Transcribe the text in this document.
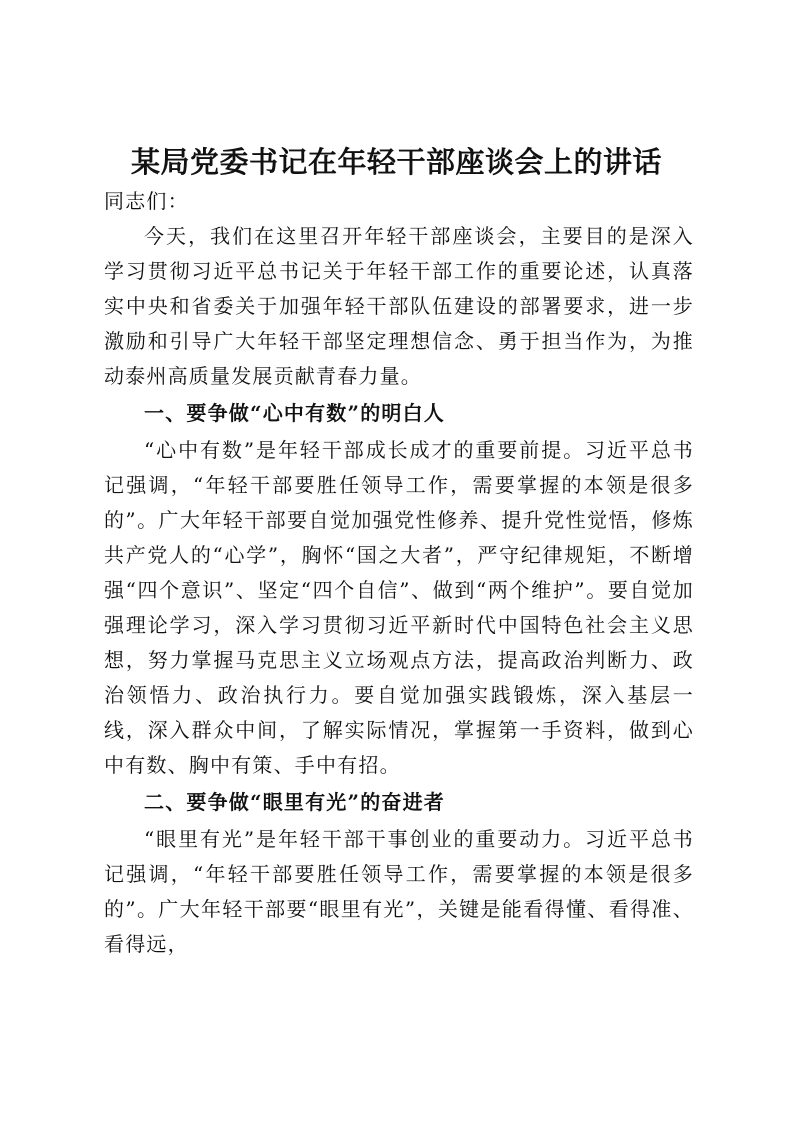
某局党委书记在年轻干部座谈会上的讲话

同志们：

今天，我们在这里召开年轻干部座谈会，主要目的是深入学习贯彻习近平总书记关于年轻干部工作的重要论述，认真落实中央和省委关于加强年轻干部队伍建设的部署要求，进一步激励和引导广大年轻干部坚定理想信念、勇于担当作为，为推动泰州高质量发展贡献青春力量。

一、要争做“心中有数”的明白人

“心中有数”是年轻干部成长成才的重要前提。习近平总书记强调，“年轻干部要胜任领导工作，需要掌握的本领是很多的”。广大年轻干部要自觉加强党性修养、提升党性觉悟，修炼共产党人的“心学”，胸怀“国之大者”，严守纪律规矩，不断增强“四个意识”、坚定“四个自信”、做到“两个维护”。要自觉加强理论学习，深入学习贯彻习近平新时代中国特色社会主义思想，努力掌握马克思主义立场观点方法，提高政治判断力、政治领悟力、政治执行力。要自觉加强实践锻炼，深入基层一线，深入群众中间，了解实际情况，掌握第一手资料，做到心中有数、胸中有策、手中有招。

二、要争做“眼里有光”的奋进者

“眼里有光”是年轻干部干事创业的重要动力。习近平总书记强调，“年轻干部要胜任领导工作，需要掌握的本领是很多的”。广大年轻干部要“眼里有光”，关键是能看得懂、看得准、看得远，
